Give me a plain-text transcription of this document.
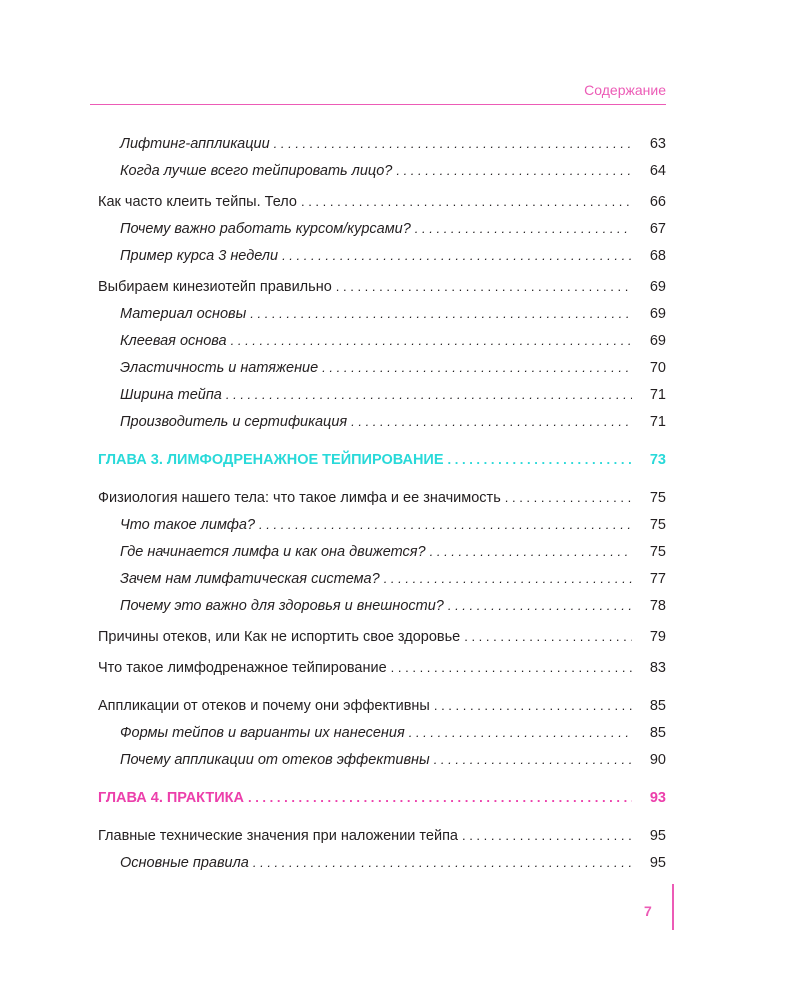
Содержание
Лифтинг-аппликации . . .	63
Когда лучше всего тейпировать лицо? . . .	64
Как часто клеить тейпы. Тело . . .	66
Почему важно работать курсом/курсами? . . .	67
Пример курса 3 недели . . .	68
Выбираем кинезиотейп правильно . . .	69
Материал основы . . .	69
Клеевая основа . . .	69
Эластичность и натяжение . . .	70
Ширина тейпа . . .	71
Производитель и сертификация . . .	71
ГЛАВА 3. ЛИМФОДРЕНАЖНОЕ ТЕЙПИРОВАНИЕ . . .	73
Физиология нашего тела: что такое лимфа и ее значимость . . .	75
Что такое лимфа? . . .	75
Где начинается лимфа и как она движется? . . .	75
Зачем нам лимфатическая система? . . .	77
Почему это важно для здоровья и внешности? . . .	78
Причины отеков, или Как не испортить свое здоровье . . .	79
Что такое лимфодренажное тейпирование . . .	83
Аппликации от отеков и почему они эффективны . . .	85
Формы тейпов и варианты их нанесения . . .	85
Почему аппликации от отеков эффективны . . .	90
ГЛАВА 4. ПРАКТИКА . . .	93
Главные технические значения при наложении тейпа . . .	95
Основные правила . . .	95
7
